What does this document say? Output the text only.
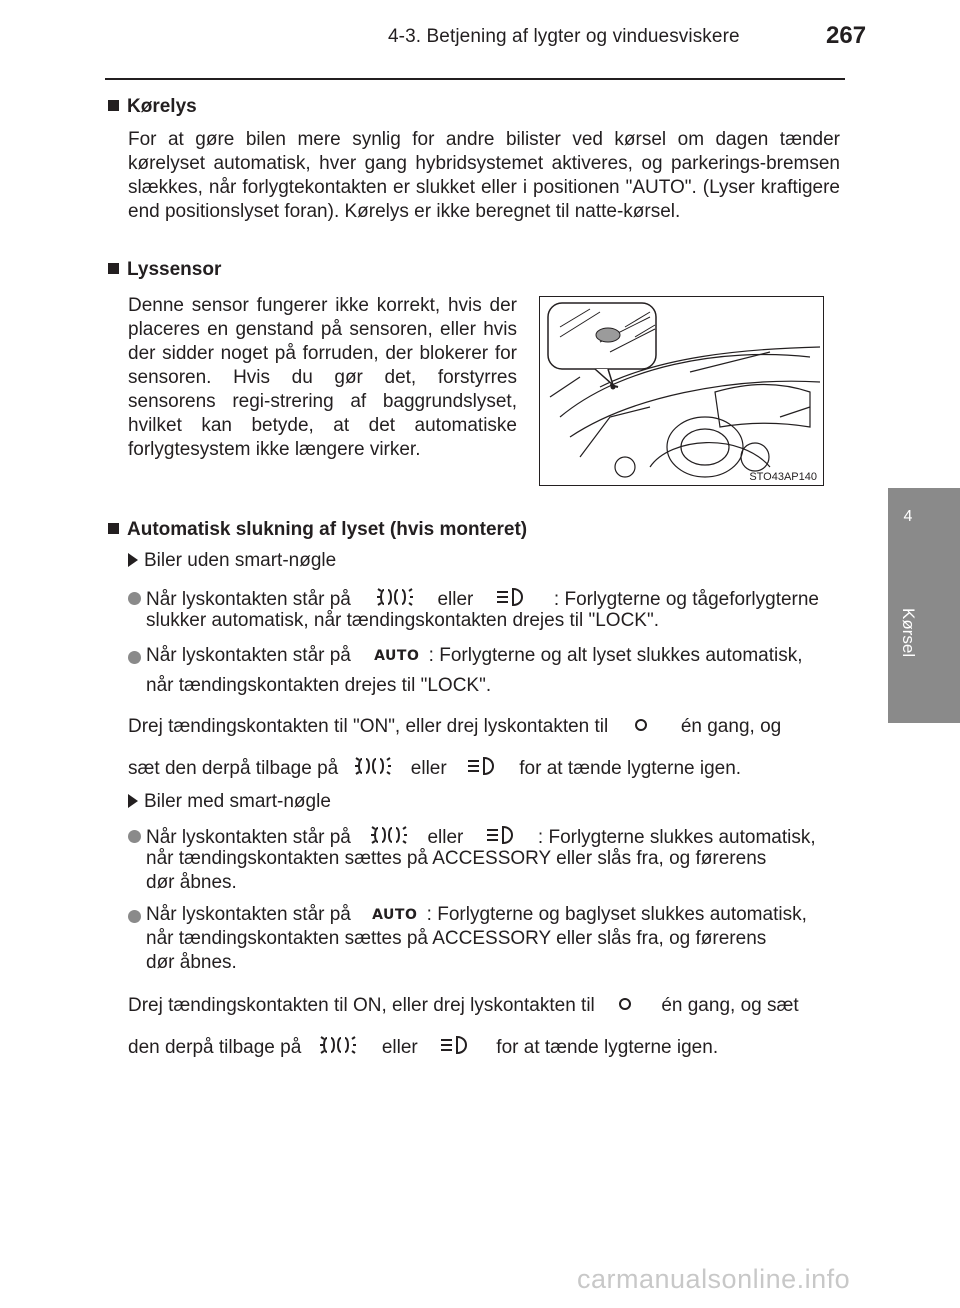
4-3. Betjening af lygter og vinduesviskere	267
4
Kørsel
Kørelys
For at gøre bilen mere synlig for andre bilister ved kørsel om dagen tænder kørelyset automatisk, hver gang hybridsystemet aktiveres, og parkerings-bremsen slækkes, når forlygtekontakten er slukket eller i positionen "AUTO". (Lyser kraftigere end positionslyset foran). Kørelys er ikke beregnet til natte-kørsel.
Lyssensor
Denne sensor fungerer ikke korrekt, hvis der placeres en genstand på sensoren, eller hvis der sidder noget på forruden, der blokerer for sensoren. Hvis du gør det, forstyrres sensorens regi-strering af baggrundslyset, hvilket kan betyde, at det automatiske forlygtesystem ikke længere virker.
STO43AP140
Automatisk slukning af lyset (hvis monteret)
Biler uden smart-nøgle
Når lyskontakten står på	eller	: Forlygterne og tågeforlygterne
slukker automatisk, når tændingskontakten drejes til "LOCK".
Når lyskontakten står på AUTO : Forlygterne og alt lyset slukkes automatisk,
når tændingskontakten drejes til "LOCK".
Drej tændingskontakten til "ON", eller drej lyskontakten til	én gang, og
sæt den derpå tilbage på	eller	for at tænde lygterne igen.
Biler med smart-nøgle
Når lyskontakten står på	eller	: Forlygterne slukkes automatisk,
når tændingskontakten sættes på ACCESSORY eller slås fra, og førerens
dør åbnes.
Når lyskontakten står på AUTO : Forlygterne og baglyset slukkes automatisk,
når tændingskontakten sættes på ACCESSORY eller slås fra, og førerens
dør åbnes.
Drej tændingskontakten til ON, eller drej lyskontakten til	én gang, og sæt
den derpå tilbage på	eller	for at tænde lygterne igen.
carmanualsonline.info
